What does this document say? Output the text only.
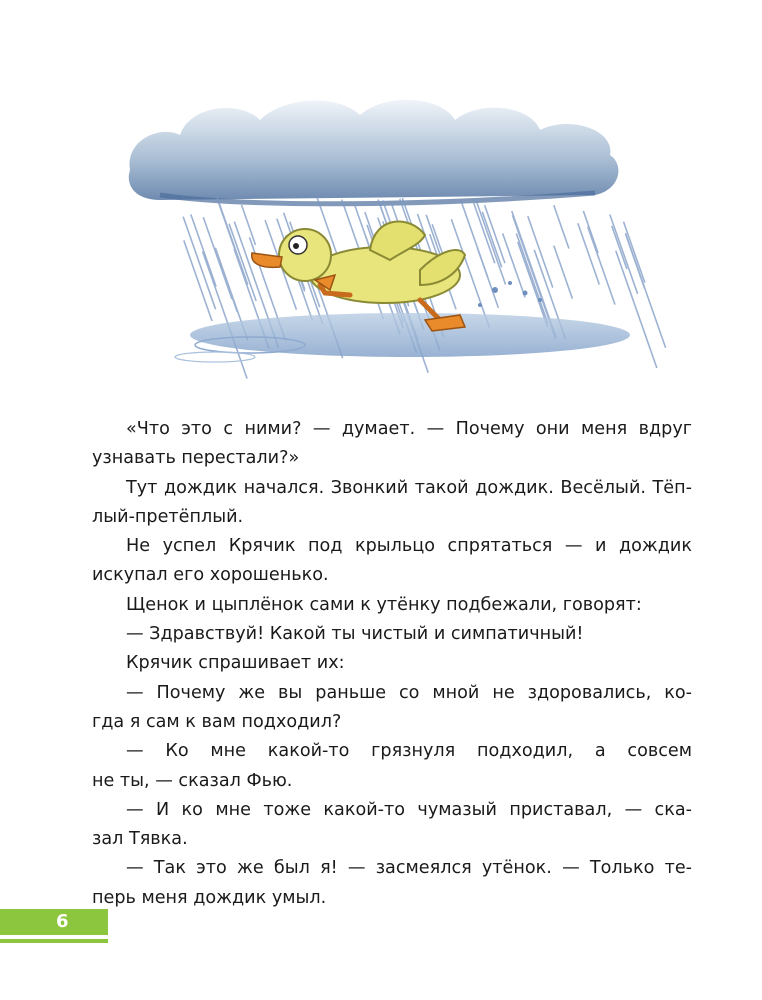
«Что это с ними? — думает. — Почему они меня вдруг
узнавать перестали?»

Тут дождик начался. Звонкий такой дождик. Весёлый. Тёп-
лый-претёплый.

Не успел Крячик под крыльцо спрятаться — и дождик
искупал его хорошенько.

Щенок и цыплёнок сами к утёнку подбежали, говорят:

— Здравствуй! Какой ты чистый и симпатичный!

Крячик спрашивает их:

— Почему же вы раньше со мной не здоровались, ко-
гда я сам к вам подходил?

— Ко мне какой-то грязнуля подходил, а совсем
не ты, — сказал Фью.

— И ко мне тоже какой-то чумазый приставал, — ска-
зал Тявка.

— Так это же был я! — засмеялся утёнок. — Только те-
перь меня дождик умыл.

6
